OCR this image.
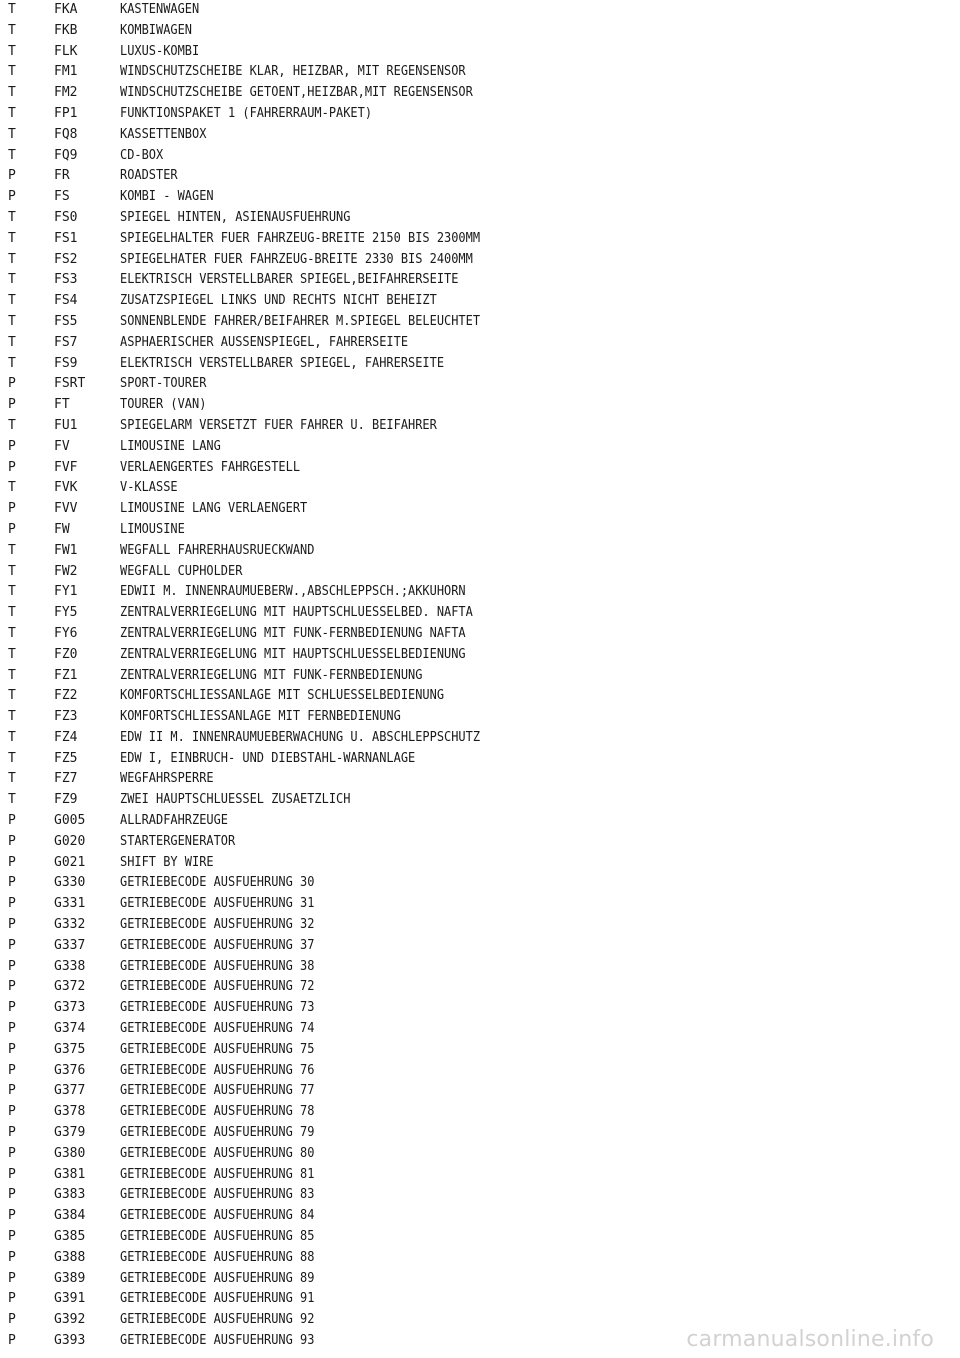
T	FKA	KASTENWAGEN
T	FKB	KOMBIWAGEN
T	FLK	LUXUS-KOMBI
T	FM1	WINDSCHUTZSCHEIBE KLAR, HEIZBAR, MIT REGENSENSOR
T	FM2	WINDSCHUTZSCHEIBE GETOENT,HEIZBAR,MIT REGENSENSOR
T	FP1	FUNKTIONSPAKET 1 (FAHRERRAUM-PAKET)
T	FQ8	KASSETTENBOX
T	FQ9	CD-BOX
P	FR	ROADSTER
P	FS	KOMBI - WAGEN
T	FS0	SPIEGEL HINTEN, ASIENAUSFUEHRUNG
T	FS1	SPIEGELHALTER FUER FAHRZEUG-BREITE 2150 BIS 2300MM
T	FS2	SPIEGELHATER FUER FAHRZEUG-BREITE 2330 BIS 2400MM
T	FS3	ELEKTRISCH VERSTELLBARER SPIEGEL,BEIFAHRERSEITE
T	FS4	ZUSATZSPIEGEL LINKS UND RECHTS NICHT BEHEIZT
T	FS5	SONNENBLENDE FAHRER/BEIFAHRER M.SPIEGEL BELEUCHTET
T	FS7	ASPHAERISCHER AUSSENSPIEGEL, FAHRERSEITE
T	FS9	ELEKTRISCH VERSTELLBARER SPIEGEL, FAHRERSEITE
P	FSRT	SPORT-TOURER
P	FT	TOURER (VAN)
T	FU1	SPIEGELARM VERSETZT FUER FAHRER U. BEIFAHRER
P	FV	LIMOUSINE LANG
P	FVF	VERLAENGERTES FAHRGESTELL
T	FVK	V-KLASSE
P	FVV	LIMOUSINE LANG VERLAENGERT
P	FW	LIMOUSINE
T	FW1	WEGFALL FAHRERHAUSRUECKWAND
T	FW2	WEGFALL CUPHOLDER
T	FY1	EDWII M. INNENRAUMUEBERW.,ABSCHLEPPSCH.;AKKUHORN
T	FY5	ZENTRALVERRIEGELUNG MIT HAUPTSCHLUESSELBED. NAFTA
T	FY6	ZENTRALVERRIEGELUNG MIT FUNK-FERNBEDIENUNG NAFTA
T	FZ0	ZENTRALVERRIEGELUNG MIT HAUPTSCHLUESSELBEDIENUNG
T	FZ1	ZENTRALVERRIEGELUNG MIT FUNK-FERNBEDIENUNG
T	FZ2	KOMFORTSCHLIESSANLAGE MIT SCHLUESSELBEDIENUNG
T	FZ3	KOMFORTSCHLIESSANLAGE MIT FERNBEDIENUNG
T	FZ4	EDW II M. INNENRAUMUEBERWACHUNG U. ABSCHLEPPSCHUTZ
T	FZ5	EDW I, EINBRUCH- UND DIEBSTAHL-WARNANLAGE
T	FZ7	WEGFAHRSPERRE
T	FZ9	ZWEI HAUPTSCHLUESSEL ZUSAETZLICH
P	G005	ALLRADFAHRZEUGE
P	G020	STARTERGENERATOR
P	G021	SHIFT BY WIRE
P	G330	GETRIEBECODE AUSFUEHRUNG 30
P	G331	GETRIEBECODE AUSFUEHRUNG 31
P	G332	GETRIEBECODE AUSFUEHRUNG 32
P	G337	GETRIEBECODE AUSFUEHRUNG 37
P	G338	GETRIEBECODE AUSFUEHRUNG 38
P	G372	GETRIEBECODE AUSFUEHRUNG 72
P	G373	GETRIEBECODE AUSFUEHRUNG 73
P	G374	GETRIEBECODE AUSFUEHRUNG 74
P	G375	GETRIEBECODE AUSFUEHRUNG 75
P	G376	GETRIEBECODE AUSFUEHRUNG 76
P	G377	GETRIEBECODE AUSFUEHRUNG 77
P	G378	GETRIEBECODE AUSFUEHRUNG 78
P	G379	GETRIEBECODE AUSFUEHRUNG 79
P	G380	GETRIEBECODE AUSFUEHRUNG 80
P	G381	GETRIEBECODE AUSFUEHRUNG 81
P	G383	GETRIEBECODE AUSFUEHRUNG 83
P	G384	GETRIEBECODE AUSFUEHRUNG 84
P	G385	GETRIEBECODE AUSFUEHRUNG 85
P	G388	GETRIEBECODE AUSFUEHRUNG 88
P	G389	GETRIEBECODE AUSFUEHRUNG 89
P	G391	GETRIEBECODE AUSFUEHRUNG 91
P	G392	GETRIEBECODE AUSFUEHRUNG 92
P	G393	GETRIEBECODE AUSFUEHRUNG 93	carmanualsonline.info
